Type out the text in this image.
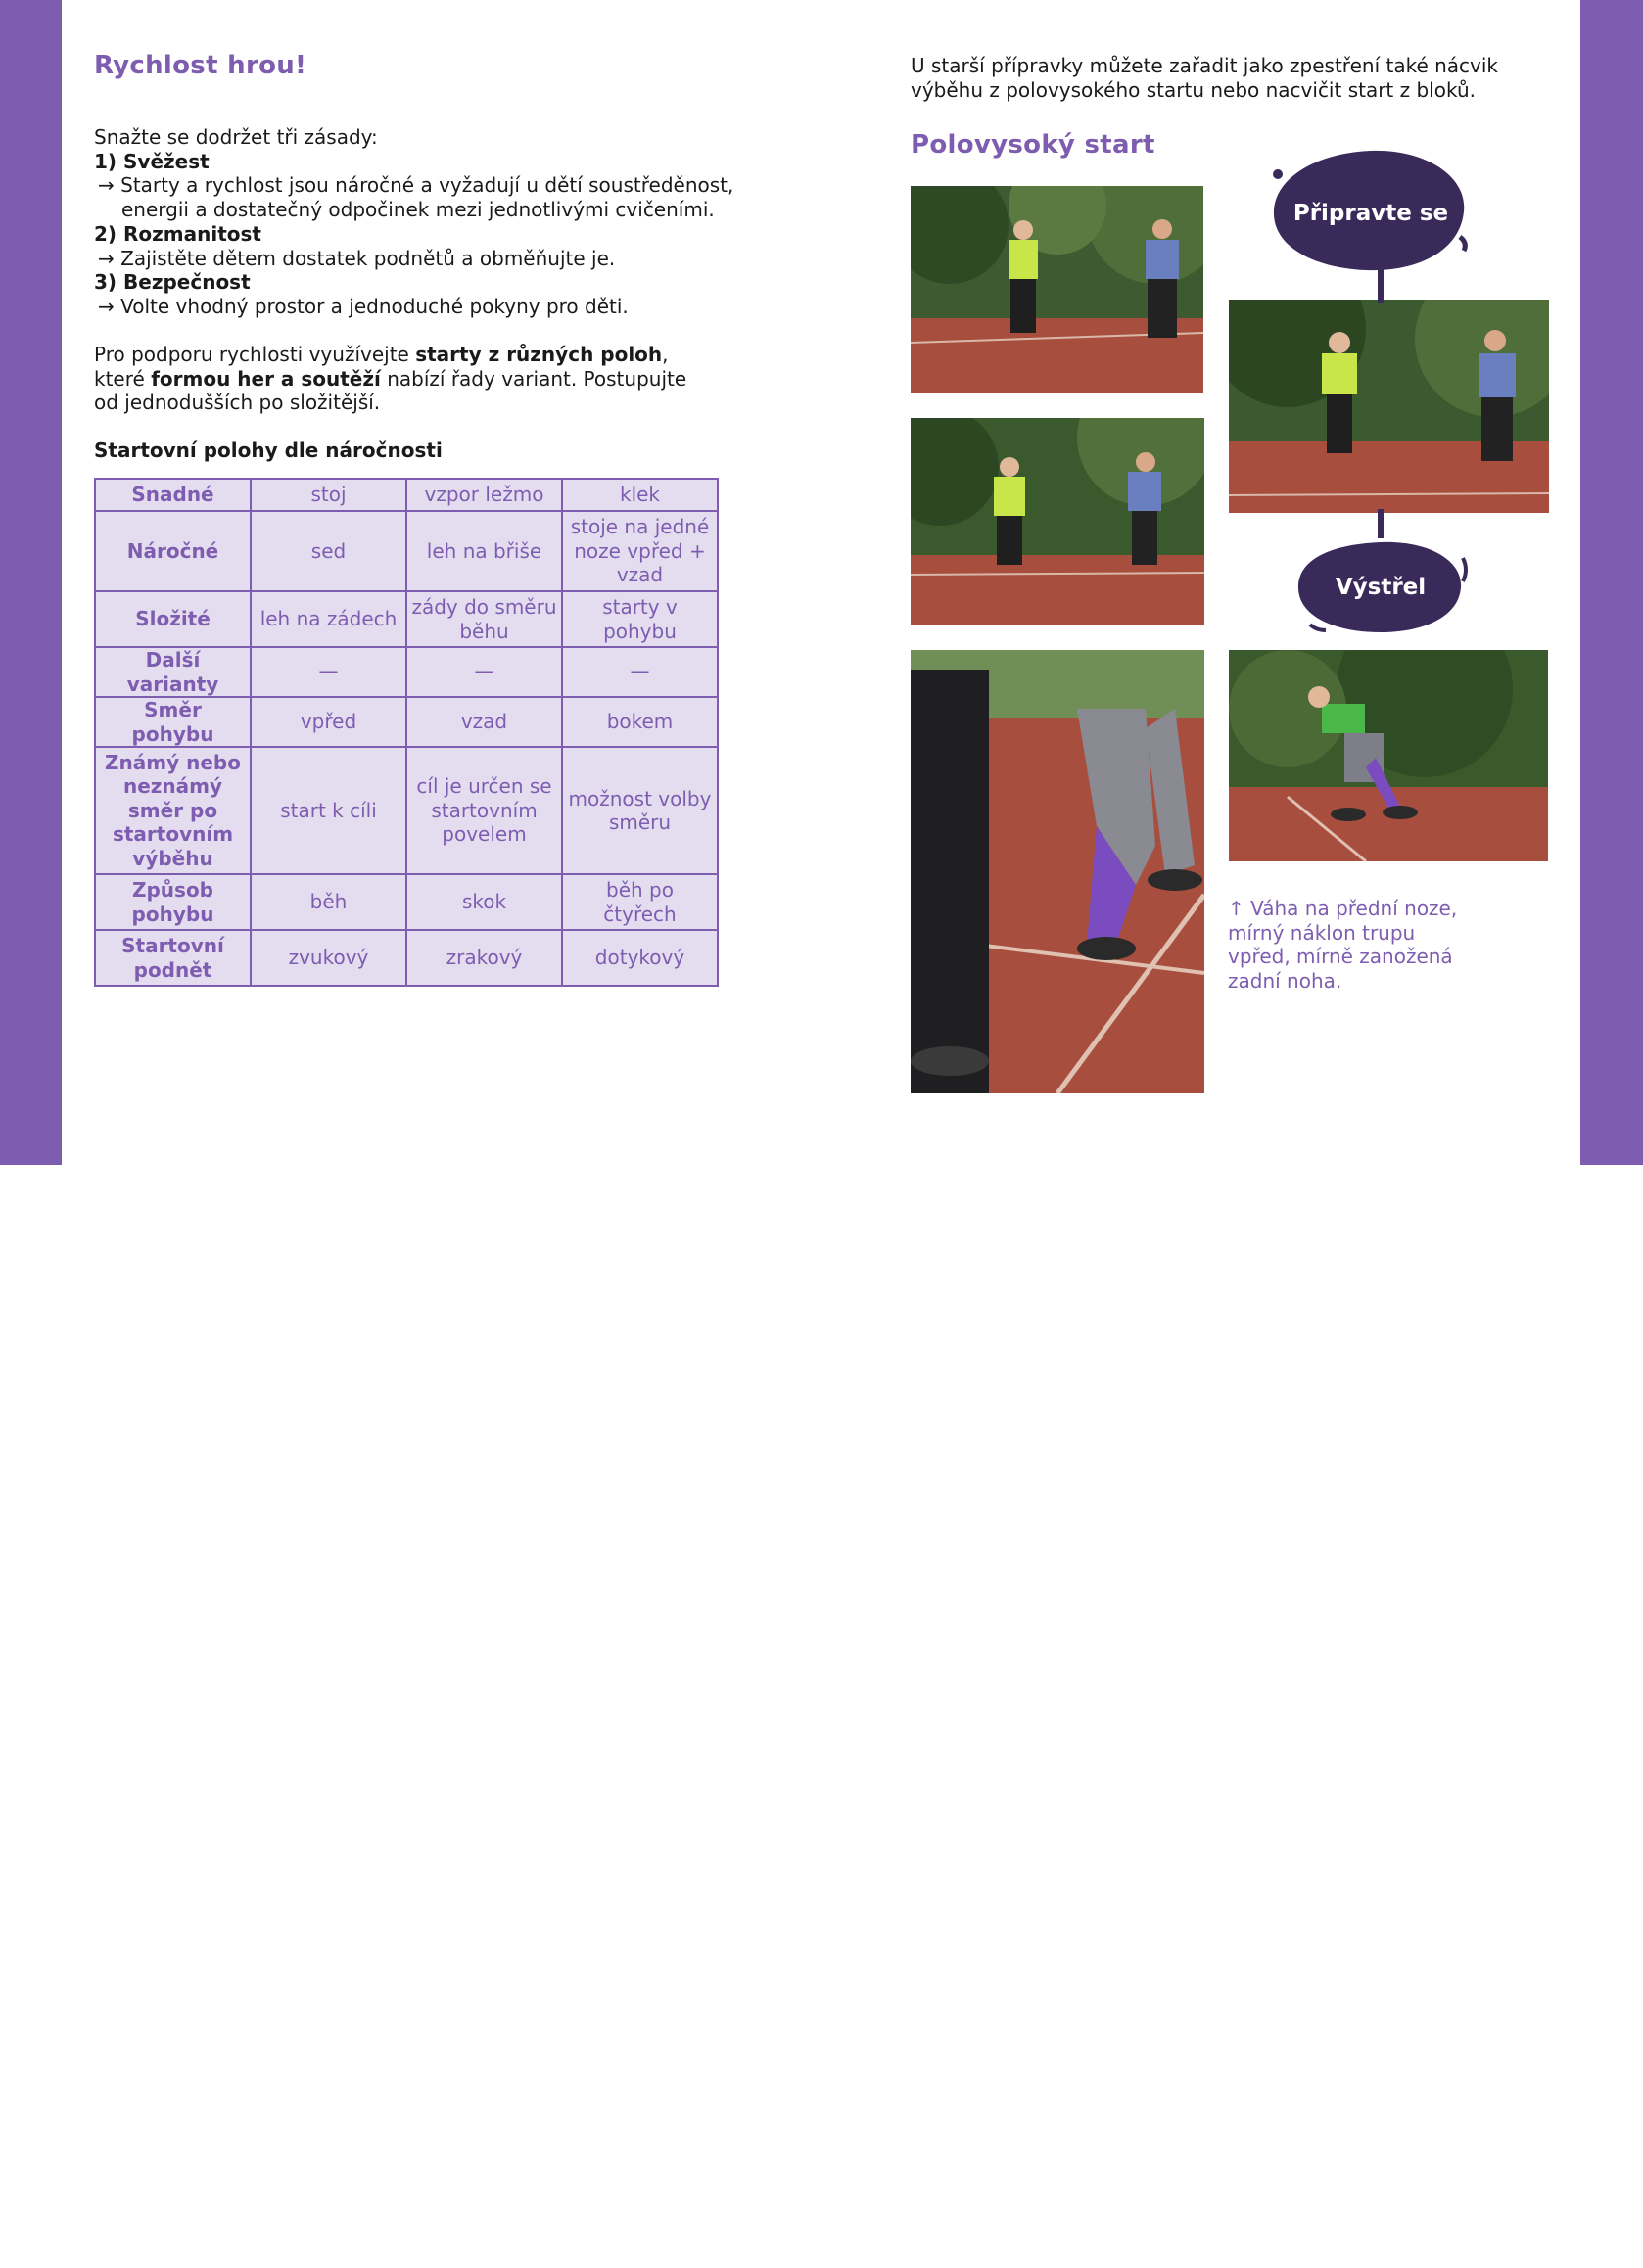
18
2_ATLETICKÉ DOVEDNOSTI
_Běh
_Sprint a rychlost
19
2_ATLETICKÉ DOVEDNOSTI
_Běh
_Polovysoký start
Rychlost hrou!

Snažte se dodržet tři zásady:

1) Svěžest

→ Starty a rychlost jsou náročné a vyžadují u dětí soustředěnost,

energii a dostatečný odpočinek mezi jednotlivými cvičeními.

2) Rozmanitost

→ Zajistěte dětem dostatek podnětů a obměňujte je.

3) Bezpečnost

→ Volte vhodný prostor a jednoduché pokyny pro děti.

Pro podporu rychlosti využívejte starty z různých poloh,

které formou her a soutěží nabízí řady variant. Postupujte

od jednodušších po složitější.

Startovní polohy dle náročnosti
Snadné	stoj	vzpor ležmo	klek
Náročné	sed	leh na břiše	stoje na jedné noze vpřed + vzad
Složité	leh na zádech	zády do směru běhu	starty v pohybu
Další varianty	—	—	—
Směr pohybu	vpřed	vzad	bokem
Známý nebo neznámý směr po startovním výběhu	start k cíli	cíl je určen se startovním povelem	možnost volby směru
Způsob pohybu	běh	skok	běh po čtyřech
Startovní podnět	zvukový	zrakový	dotykový
U starší přípravky můžete zařadit jako zpestření také nácvik výběhu z polovysokého startu nebo nacvičit start z bloků.
Polovysoký start
Připravte se
Výstřel
↑ Váha na přední noze, mírný náklon trupu vpřed, mírně zanožená zadní noha.
